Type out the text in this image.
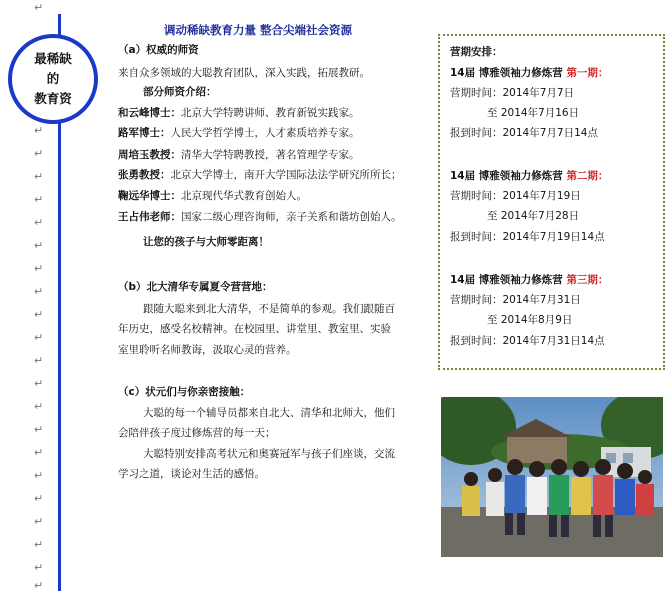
↵
↵
↵
↵
↵
↵
↵
↵
↵
↵
↵
↵
↵
↵
↵
↵
↵
↵
↵
↵
↵
↵
最稀缺
的
教育资
调动稀缺教育力量 整合尖端社会资源
（a）权威的师资
来自众多领域的大聪教育团队，深入实践，拓展教研。
部分师资介绍：
和云峰博士：北京大学特聘讲师、教育新锐实践家。
路军博士：人民大学哲学博士，人才素质培养专家。
周培玉教授：清华大学特聘教授，著名管理学专家。
张勇教授：北京大学博士，南开大学国际法法学研究所所长；
鞠远华博士：北京现代华式教育创始人。
王占伟老师：国家二级心理咨询师，亲子关系和谐坊创始人。
让您的孩子与大师零距离！
（b）北大清华专属夏令营营地：
跟随大聪来到北大清华，不是简单的参观。我们跟随百
年历史，感受名校精神。在校园里、讲堂里、教室里、实验
室里聆听名师教诲，汲取心灵的营养。
（c）状元们与你亲密接触：
大聪的每一个辅导员都来自北大、清华和北师大，他们
会陪伴孩子度过修炼营的每一天；
大聪特别安排高考状元和奥赛冠军与孩子们座谈，交流
学习之道，谈论对生活的感悟。
营期安排：
14届 博雅领袖力修炼营 第一期：
营期时间：2014年7月7日
至 2014年7月16日
报到时间：2014年7月7日14点
14届 博雅领袖力修炼营 第二期：
营期时间：2014年7月19日
至 2014年7月28日
报到时间：2014年7月19日14点
14届 博雅领袖力修炼营 第三期：
营期时间：2014年7月31日
至 2014年8月9日
报到时间：2014年7月31日14点
